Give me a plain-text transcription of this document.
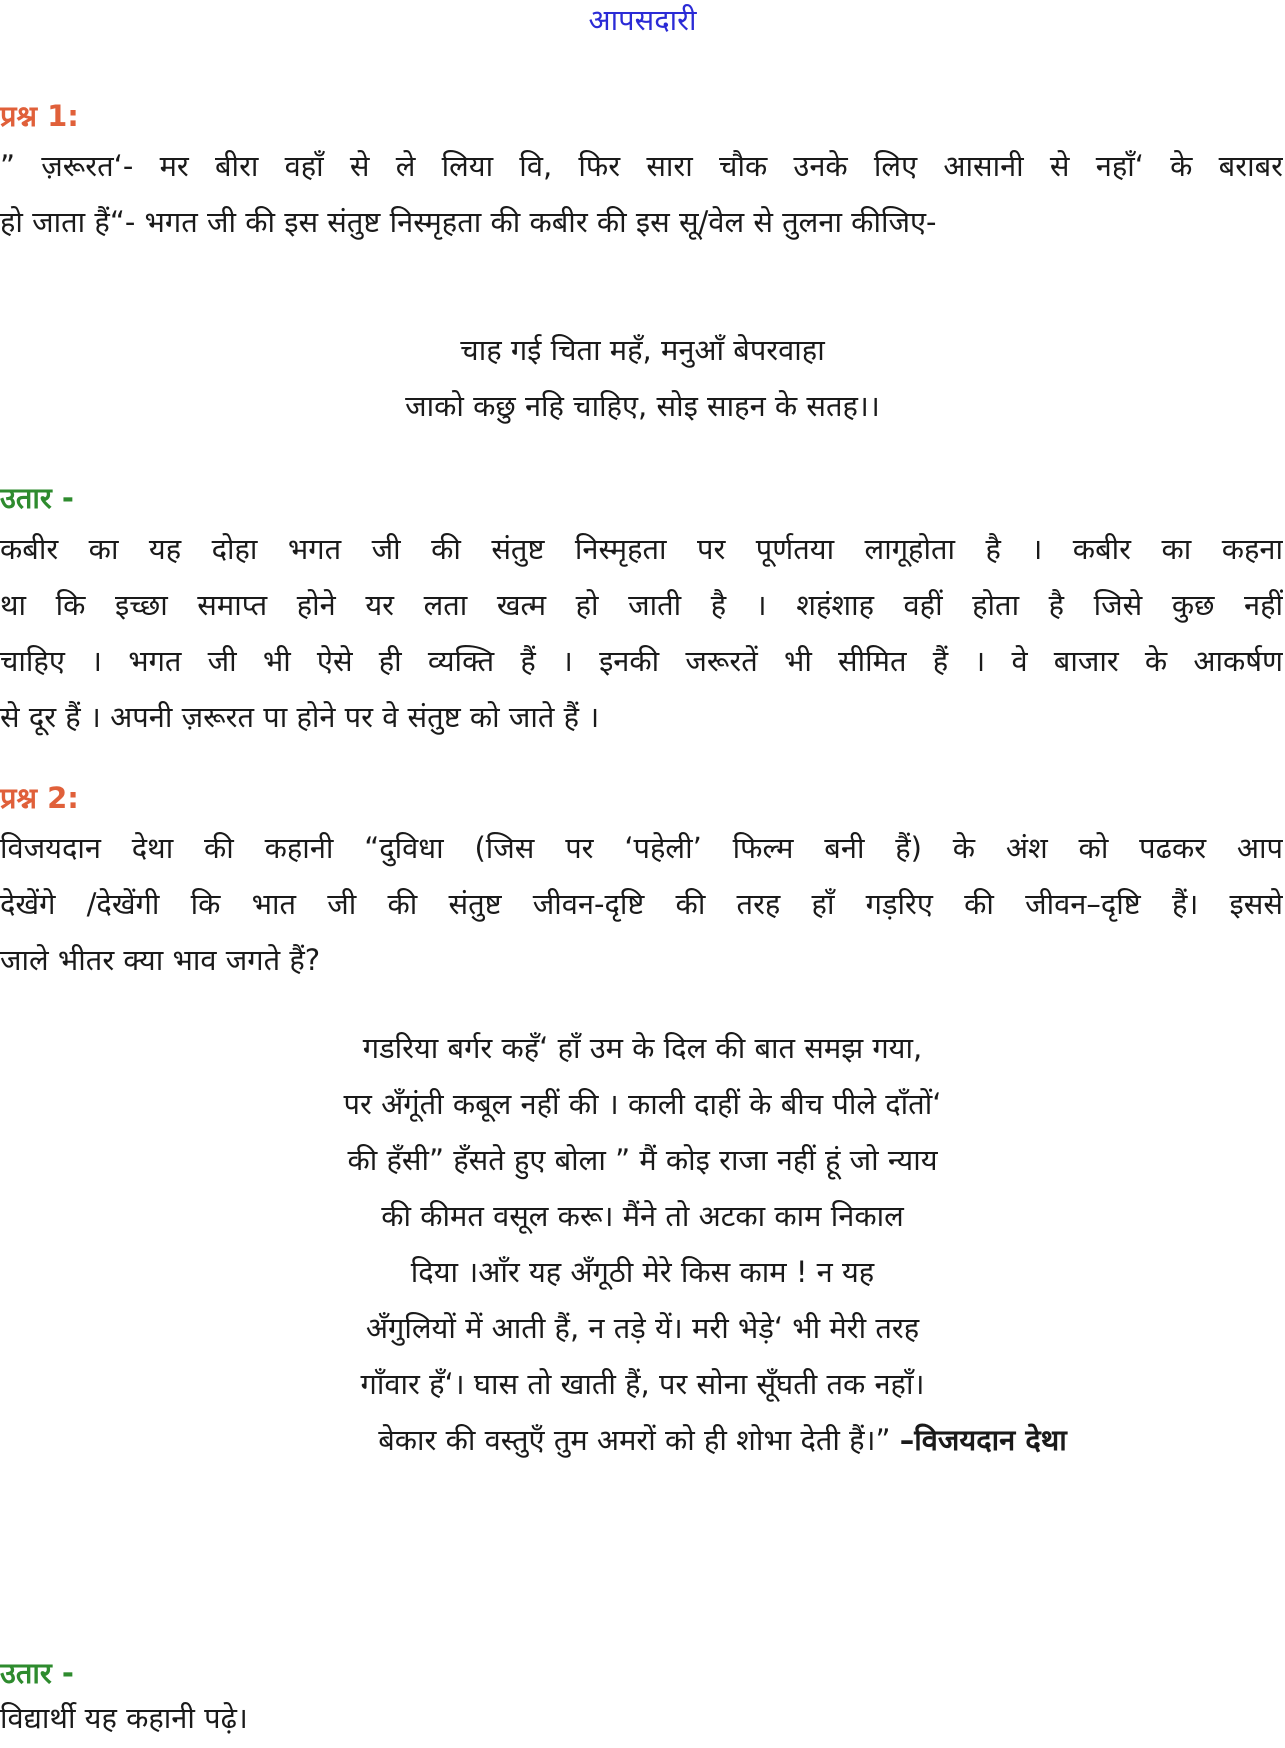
आपसदारी
प्रश्न 1:
” ज़रूरत‘- मर बीरा वहाँ से ले लिया वि, फिर सारा चौक उनके लिए आसानी से नहाँ‘ के बराबर
हो जाता हैं“- भगत जी की इस संतुष्ट निस्मृहता की कबीर की इस सू/वेल से तुलना कीजिए-
चाह गई चिता महँ, मनुआँ बेपरवाहा
जाको कछु नहि चाहिए, सोइ साहन के सतह।।
उतार -
कबीर का यह दोहा भगत जी की संतुष्ट निस्मृहता पर पूर्णतया लागूहोता है । कबीर का कहना
था कि इच्छा समाप्त होने यर लता खत्म हो जाती है । शहंशाह वहीं होता है जिसे कुछ नहीं
चाहिए । भगत जी भी ऐसे ही व्यक्ति हैं । इनकी जरूरतें भी सीमित हैं । वे बाजार के आकर्षण
से दूर हैं । अपनी ज़रूरत पा होने पर वे संतुष्ट को जाते हैं ।
प्रश्न 2:
विजयदान देथा की कहानी “दुविधा (जिस पर ‘पहेली’ फिल्म बनी हैं) के अंश को पढकर आप
देखेंगे /देखेंगी कि भात जी की संतुष्ट जीवन-दृष्टि की तरह हाँ गड़रिए की जीवन–दृष्टि हैं। इससे
जाले भीतर क्या भाव जगते हैं?
गडरिया बर्गर कहँ‘ हाँ उम के दिल की बात समझ गया,
पर अँगूंती कबूल नहीं की । काली दाहीं के बीच पीले दाँतों‘
की हँसी” हँसते हुए बोला ” मैं कोइ राजा नहीं हूं जो न्याय
की कीमत वसूल करू। मैंने तो अटका काम निकाल
दिया ।आँर यह अँगूठी मेरे किस काम ! न यह
अँगुलियों में आती हैं, न तड़े यें। मरी भेड़े‘ भी मेरी तरह
गाँवार हँ‘। घास तो खाती हैं, पर सोना सूँघती तक नहाँ।
बेकार की वस्तुएँ तुम अमरों को ही शोभा देती हैं।” –विजयदान देथा
उतार -
विद्यार्थी यह कहानी पढ़े।
